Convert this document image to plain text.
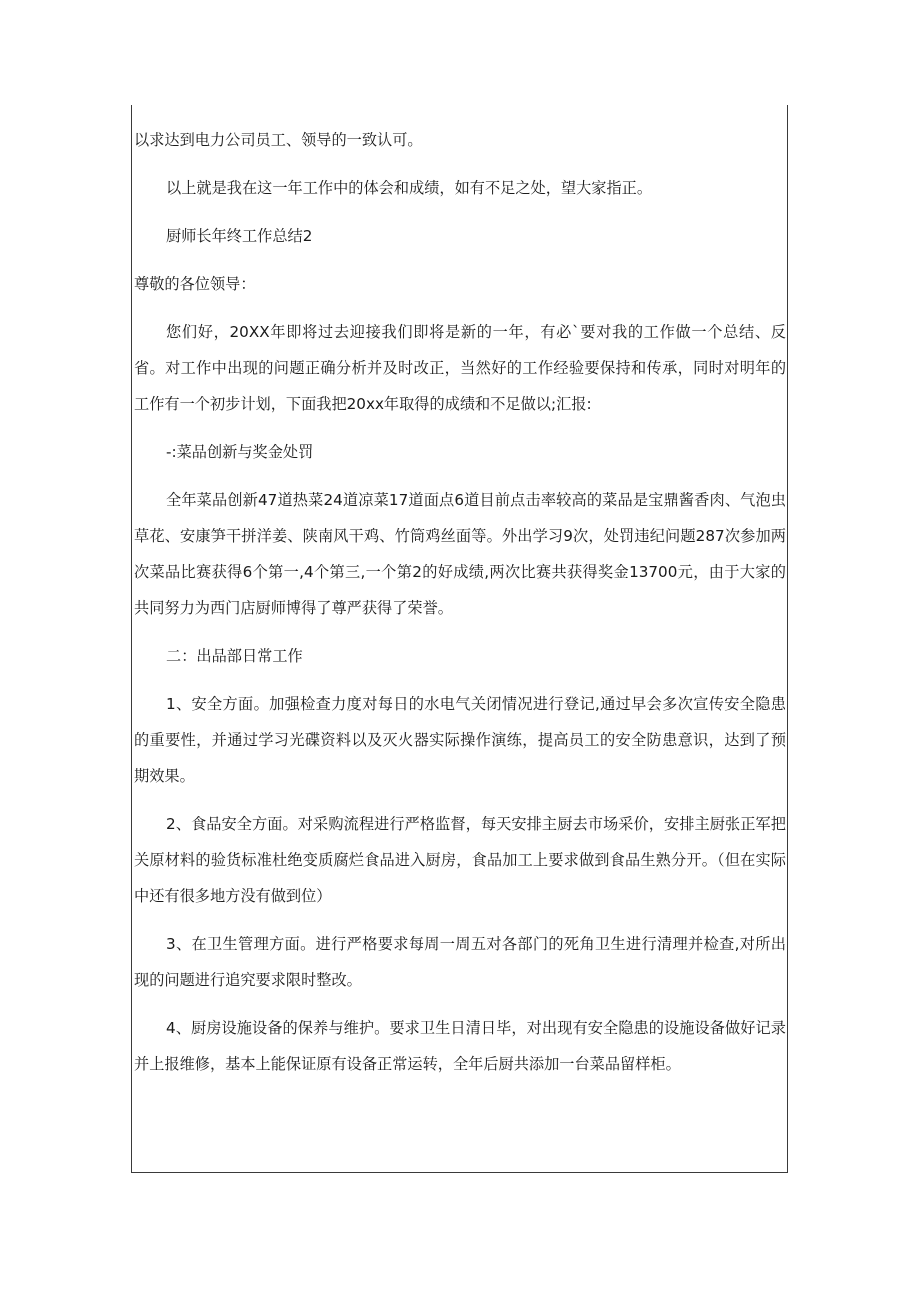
以求达到电力公司员工、领导的一致认可。

以上就是我在这一年工作中的体会和成绩，如有不足之处，望大家指正。

厨师长年终工作总结2

尊敬的各位领导：

您们好，20XX年即将过去迎接我们即将是新的一年，有必`要对我的工作做一个总结、反省。对工作中出现的问题正确分析并及时改正，当然好的工作经验要保持和传承，同时对明年的工作有一个初步计划，下面我把20xx年取得的成绩和不足做以;汇报:

-:菜品创新与奖金处罚

全年菜品创新47道热菜24道凉菜17道面点6道目前点击率较高的菜品是宝鼎酱香肉、气泡虫草花、安康笋干拼洋姜、陕南风干鸡、竹筒鸡丝面等。外出学习9次，处罚违纪问题287次参加两次菜品比赛获得6个第一,4个第三,一个第2的好成绩,两次比赛共获得奖金13700元，由于大家的共同努力为西门店厨师博得了尊严获得了荣誉。

二：出品部日常工作

1、安全方面。加强检查力度对每日的水电气关闭情况进行登记,通过早会多次宣传安全隐患的重要性，并通过学习光碟资料以及灭火器实际操作演练，提高员工的安全防患意识，达到了预期效果。

2、食品安全方面。对采购流程进行严格监督，每天安排主厨去市场采价，安排主厨张正军把关原材料的验货标准杜绝变质腐烂食品进入厨房，食品加工上要求做到食品生熟分开。（但在实际中还有很多地方没有做到位）

3、在卫生管理方面。进行严格要求每周一周五对各部门的死角卫生进行清理并检查,对所出现的问题进行追究要求限时整改。

4、厨房设施设备的保养与维护。要求卫生日清日毕，对出现有安全隐患的设施设备做好记录并上报维修，基本上能保证原有设备正常运转，全年后厨共添加一台菜品留样柜。
